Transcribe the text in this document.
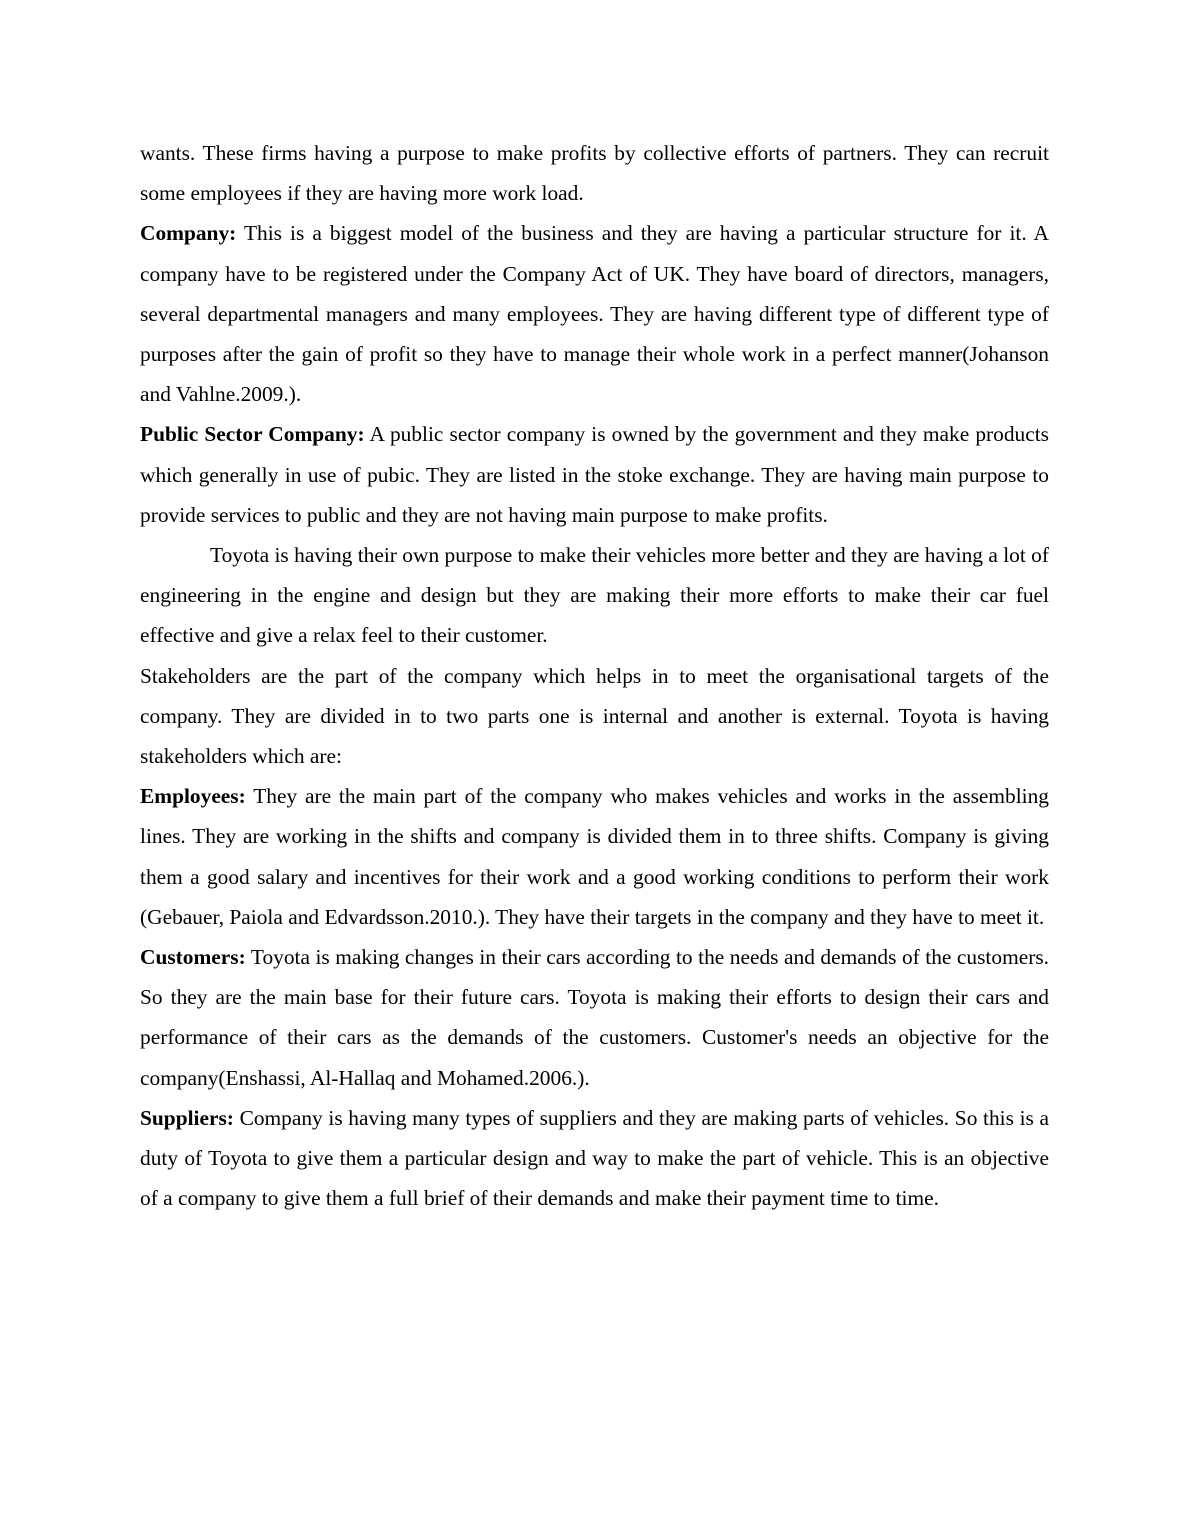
wants. These firms having a purpose to make profits by collective efforts of partners. They can recruit some employees if they are having more work load.

Company: This is a biggest model of the business and they are having a particular structure for it. A company have to be registered under the Company Act of UK. They have board of directors, managers, several departmental managers and many employees. They are having different type of different type of purposes after the gain of profit so they have to manage their whole work in a perfect manner(Johanson and Vahlne.2009.).

Public Sector Company: A public sector company is owned by the government and they make products which generally in use of pubic. They are listed in the stoke exchange. They are having main purpose to provide services to public and they are not having main purpose to make profits.

Toyota is having their own purpose to make their vehicles more better and they are having a lot of engineering in the engine and design but they are making their more efforts to make their car fuel effective and give a relax feel to their customer.

Stakeholders are the part of the company which helps in to meet the organisational targets of the company. They are divided in to two parts one is internal and another is external. Toyota is having stakeholders which are:

Employees: They are the main part of the company who makes vehicles and works in the assembling lines. They are working in the shifts and company is divided them in to three shifts. Company is giving them a good salary and incentives for their work and a good working conditions to perform their work (Gebauer, Paiola and Edvardsson.2010.). They have their targets in the company and they have to meet it.

Customers: Toyota is making changes in their cars according to the needs and demands of the customers. So they are the main base for their future cars. Toyota is making their efforts to design their cars and performance of their cars as the demands of the customers. Customer's needs an objective for the company(Enshassi, Al-Hallaq and Mohamed.2006.).

Suppliers: Company is having many types of suppliers and they are making parts of vehicles. So this is a duty of Toyota to give them a particular design and way to make the part of vehicle. This is an objective of a company to give them a full brief of their demands and make their payment time to time.
